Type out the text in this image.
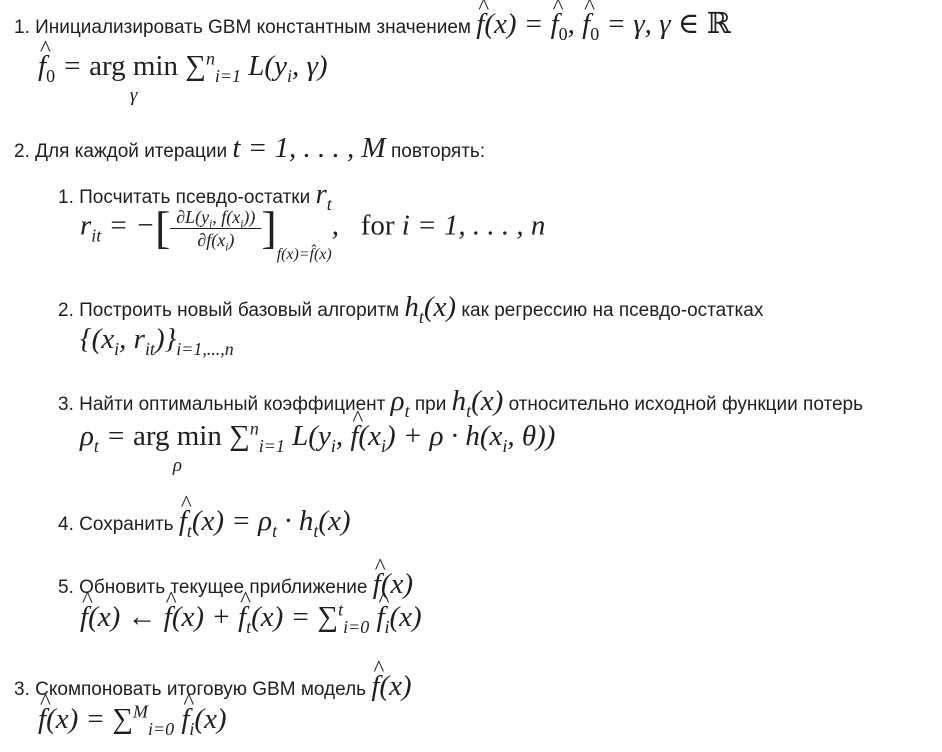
1. Инициализировать GBM константным значением ^ f(x) = ^ $f_0$, ^ $f_0 = \gamma$, γ ∈ ℝ
^ $f_0$ = arg min
γ
∑$^n_{i=1}$ $L(y_i$, γ)
2. Для каждой итерации t = 1, . . . , M повторять:
1. Посчитать псевдо-остатки $r_t$
$r_{it}$ = −[ $\frac{\partial L(y_i, f(x_i))}{\partial f(x_i)} ]_{f(x)=f̂(x)}$,   for i = 1, . . . , n
2. Построить новый базовый алгоритм $h_t(x)$ как регрессию на псевдо-остатках
{($x_i$, $r_{it})\}_{i=1,...,n}$
3. Найти оптимальный коэффициент $\rho_t$ при $h_t(x)$ относительно исходной функции потерь
$\rho_t$ = arg min
ρ
∑$^n_{i=1}$ $L(y_i$, ^ $f(x_i) + \rho \cdot h(x_i$, θ))
4. Сохранить ^ $f_t(x) = \rho_t \cdot h_t(x)$
5. Обновить текущее приближение ^ f(x)
^ f(x) ← ^ f(x) + ^ $f_t(x) = \sum^t_{i=0}$ ^ $f_i(x)$
3. Скомпоновать итоговую GBM модель ^ f(x)
^ f(x) = ∑$^M_{i=0}$ ^ $f_i(x)$
